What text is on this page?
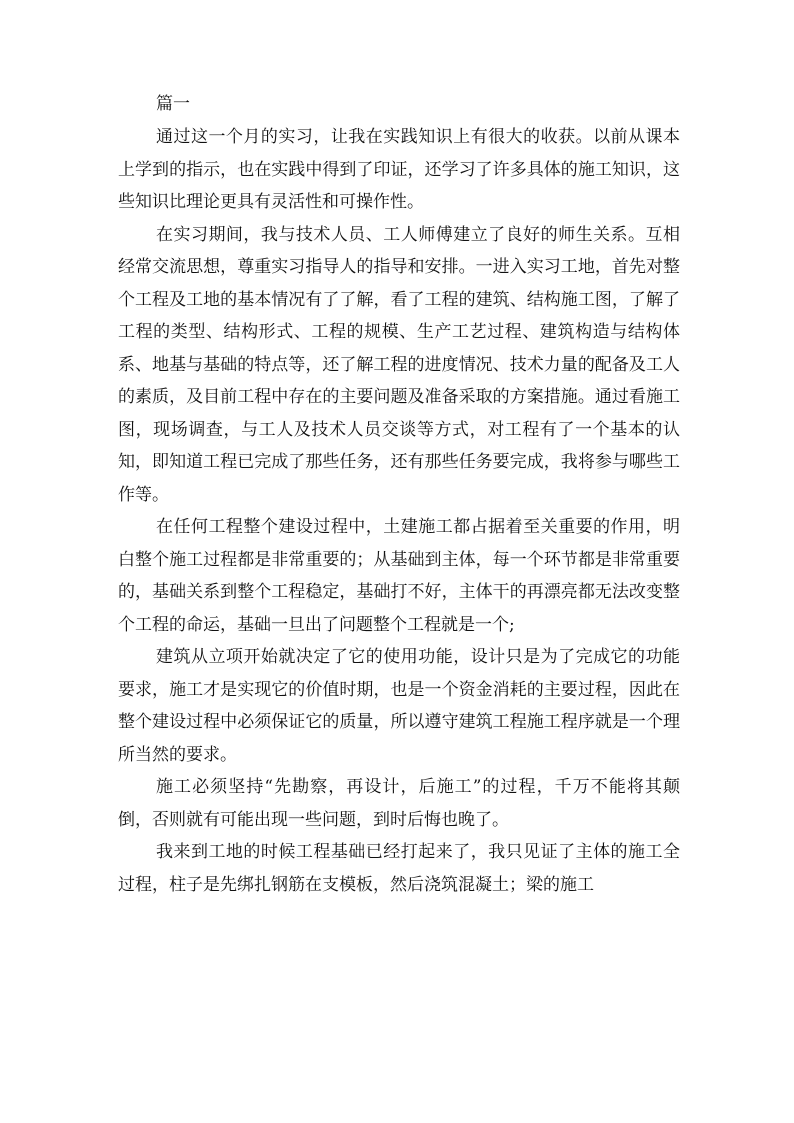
篇一

通过这一个月的实习，让我在实践知识上有很大的收获。以前从课本上学到的指示，也在实践中得到了印证，还学习了许多具体的施工知识，这些知识比理论更具有灵活性和可操作性。

在实习期间，我与技术人员、工人师傅建立了良好的师生关系。互相经常交流思想，尊重实习指导人的指导和安排。一进入实习工地，首先对整个工程及工地的基本情况有了了解，看了工程的建筑、结构施工图，了解了工程的类型、结构形式、工程的规模、生产工艺过程、建筑构造与结构体系、地基与基础的特点等，还了解工程的进度情况、技术力量的配备及工人的素质，及目前工程中存在的主要问题及准备采取的方案措施。通过看施工图，现场调查，与工人及技术人员交谈等方式，对工程有了一个基本的认知，即知道工程已完成了那些任务，还有那些任务要完成，我将参与哪些工作等。

在任何工程整个建设过程中，土建施工都占据着至关重要的作用，明白整个施工过程都是非常重要的；从基础到主体，每一个环节都是非常重要的，基础关系到整个工程稳定，基础打不好，主体干的再漂亮都无法改变整个工程的命运，基础一旦出了问题整个工程就是一个;

建筑从立项开始就决定了它的使用功能，设计只是为了完成它的功能要求，施工才是实现它的价值时期，也是一个资金消耗的主要过程，因此在整个建设过程中必须保证它的质量，所以遵守建筑工程施工程序就是一个理所当然的要求。

施工必须坚持“先勘察，再设计，后施工”的过程，千万不能将其颠倒，否则就有可能出现一些问题，到时后悔也晚了。

我来到工地的时候工程基础已经打起来了，我只见证了主体的施工全过程，柱子是先绑扎钢筋在支模板，然后浇筑混凝土；梁的施工
